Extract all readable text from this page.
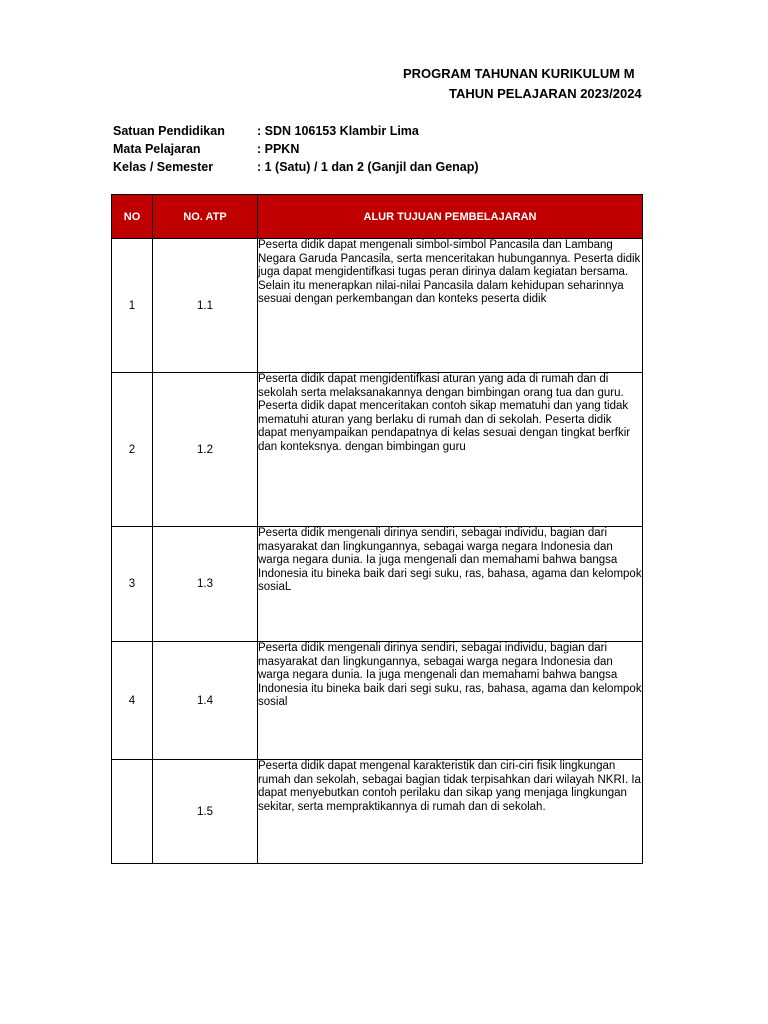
PROGRAM TAHUNAN KURIKULUM M
TAHUN PELAJARAN 2023/2024
Satuan Pendidikan	: SDN 106153 Klambir Lima
Mata Pelajaran	: PPKN
Kelas / Semester	: 1 (Satu) / 1 dan 2 (Ganjil dan Genap)
NO	NO. ATP	ALUR TUJUAN PEMBELAJARAN
1	1.1	Peserta didik dapat mengenali simbol-simbol Pancasila dan Lambang Negara Garuda Pancasila, serta menceritakan hubungannya. Peserta didik juga dapat mengidentifkasi tugas peran dirinya dalam kegiatan bersama. Selain itu menerapkan nilai-nilai Pancasila dalam kehidupan seharinnya sesuai dengan perkembangan dan konteks peserta didik
2	1.2	Peserta didik dapat mengidentifkasi aturan yang ada di rumah dan di sekolah serta melaksanakannya dengan bimbingan orang tua dan guru. Peserta didik dapat menceritakan contoh sikap mematuhi dan yang tidak mematuhi aturan yang berlaku di rumah dan di sekolah. Peserta didik dapat menyampaikan pendapatnya di kelas sesuai dengan tingkat berfkir dan konteksnya. dengan bimbingan guru
3	1.3	Peserta didik mengenali dirinya sendiri, sebagai individu, bagian dari masyarakat dan lingkungannya, sebagai warga negara Indonesia dan warga negara dunia. Ia juga mengenali dan memahami bahwa bangsa Indonesia itu bineka baik dari segi suku, ras, bahasa, agama dan kelompok sosiaL
4	1.4	Peserta didik mengenali dirinya sendiri, sebagai individu, bagian dari masyarakat dan lingkungannya, sebagai warga negara Indonesia dan warga negara dunia. Ia juga mengenali dan memahami bahwa bangsa Indonesia itu bineka baik dari segi suku, ras, bahasa, agama dan kelompok sosial
	1.5	Peserta didik dapat mengenal karakteristik dan ciri-ciri fisik lingkungan rumah dan sekolah, sebagai bagian tidak terpisahkan dari wilayah NKRI. Ia dapat menyebutkan contoh perilaku dan sikap yang menjaga lingkungan sekitar, serta mempraktikannya di rumah dan di sekolah.
